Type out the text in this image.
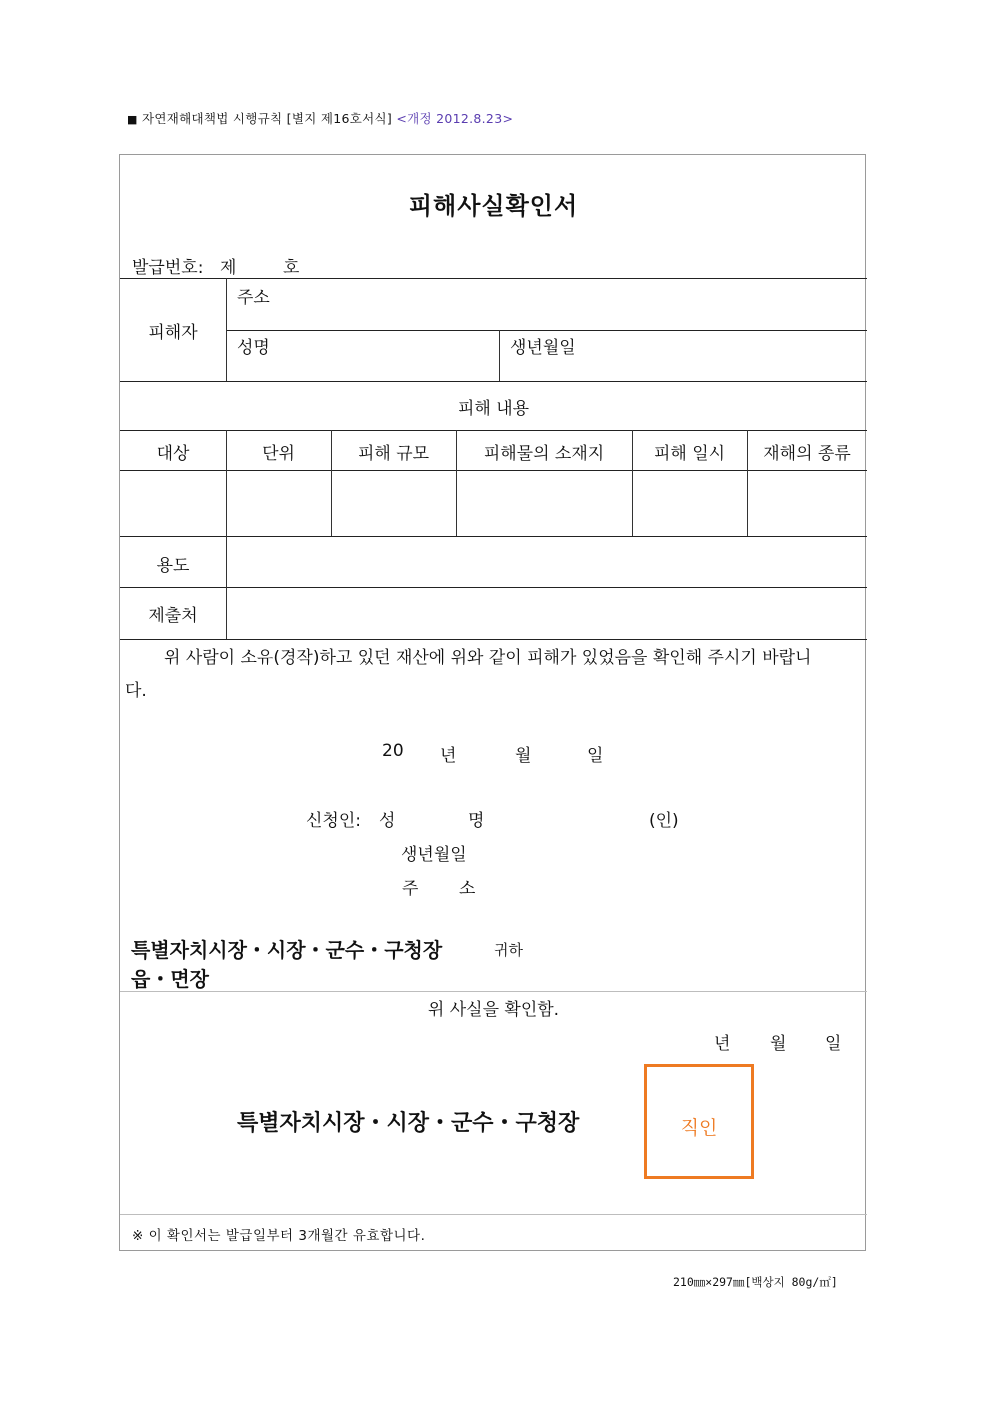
■ 자연재해대책법 시행규칙 [별지 제16호서식] <개정 2012.8.23>
피해사실확인서
발급번호: 제	호
피해자
주소
성명	생년월일
피해 내용
대상	단위	피해 규모	피해물의 소재지	피해 일시	재해의 종류
용도
제출처
위 사람이 소유(경작)하고 있던 재산에 위와 같이 피해가 있었음을 확인해 주시기 바랍니
다.
20 년	월	일
신청인: 성	명	(인)
생년월일
주 소
특별자치시장・시장・군수・구청장	귀하
읍・면장
위 사실을 확인함.
년 월 일
특별자치시장・시장・군수・구청장
※ 이 확인서는 발급일부터 3개월간 유효합니다.
직인
210㎜×297㎜[백상지 80g/㎡]
